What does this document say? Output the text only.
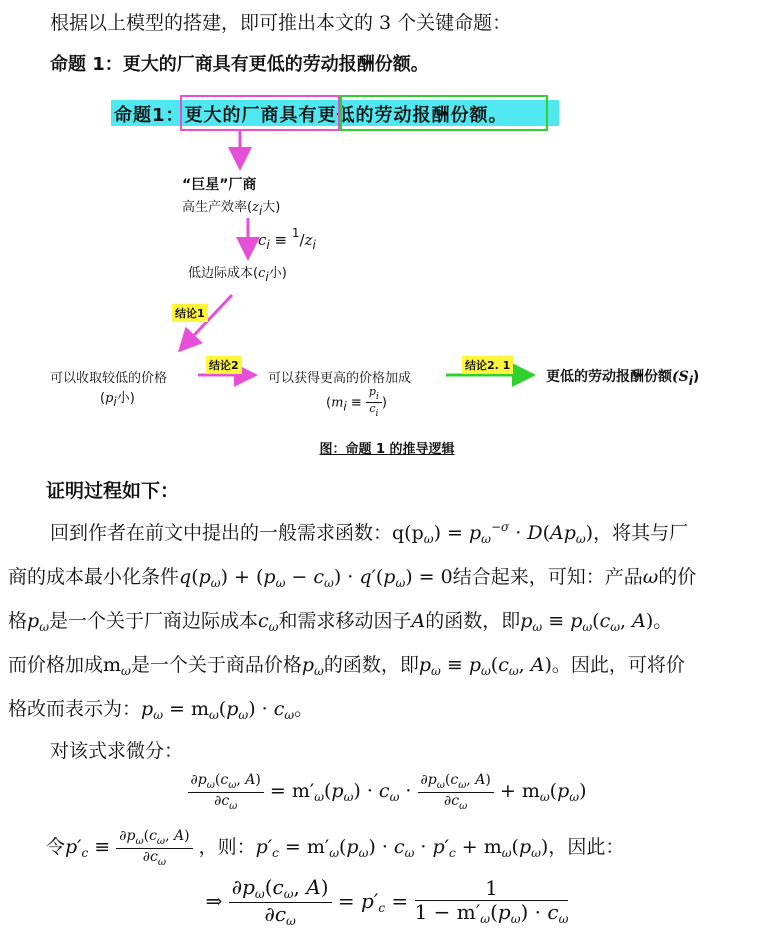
根据以上模型的搭建，即可推出本文的 3 个关键命题：
命题 1：更大的厂商具有更低的劳动报酬份额。
命题1：更大的厂商具有更低的劳动报酬份额。
“巨星”厂商
高生产效率(zi大)
$c_i \equiv ^1/z_i$
低边际成本(ci小)
结论1
可以收取较低的价格
(pi小)
结论2
可以获得更高的价格加成
($mi \equiv \frac{p_i}{c_i}$ )
结论2. 1
更低的劳动报酬份额(Si)
图：命题 1 的推导逻辑
证明过程如下：
回到作者在前文中提出的一般需求函数：$q(p_\omega) = p_\omega^{-\sigma} \cdot D(Ap_\omega)$，将其与厂
商的成本最小化条件$q(p_\omega) + (p_\omega - c_\omega) \cdot q'(p_\omega) = 0$结合起来，可知：产品ω的价
格$p_\omega$是一个关于厂商边际成本$c_\omega$和需求移动因子A的函数，即$p_\omega \equiv p_\omega(c_\omega$, A)。
而价格加成$m_\omega$是一个关于商品价格$p_\omega$的函数，即$p_\omega \equiv p_\omega(c_\omega$, A)。因此，可将价
格改而表示为：$p_\omega = m_\omega(p_\omega) \cdot c_\omega$。
对该式求微分：
$\frac{\partial p_\omega(c_\omega, A)}{\partial c_\omega} = m'_\omega(p_\omega) \cdot c_\omega \cdot \frac{\partial p_\omega(c_\omega, A)}{\partial c_\omega} + m_\omega(p_\omega)$
令$p'_c \equiv \frac{\partial p_\omega(c_\omega, A)}{\partial c_\omega}$ ，则：$p'_c = m'_\omega(p_\omega) \cdot c_\omega \cdot p'_c + m_\omega(p_\omega)$，因此：
⇒ $\frac{\partial p_\omega(c_\omega, A)}{\partial c_\omega} = p'_c = \frac{1}{1 - m'_\omega(p_\omega) \cdot c_\omega}$
